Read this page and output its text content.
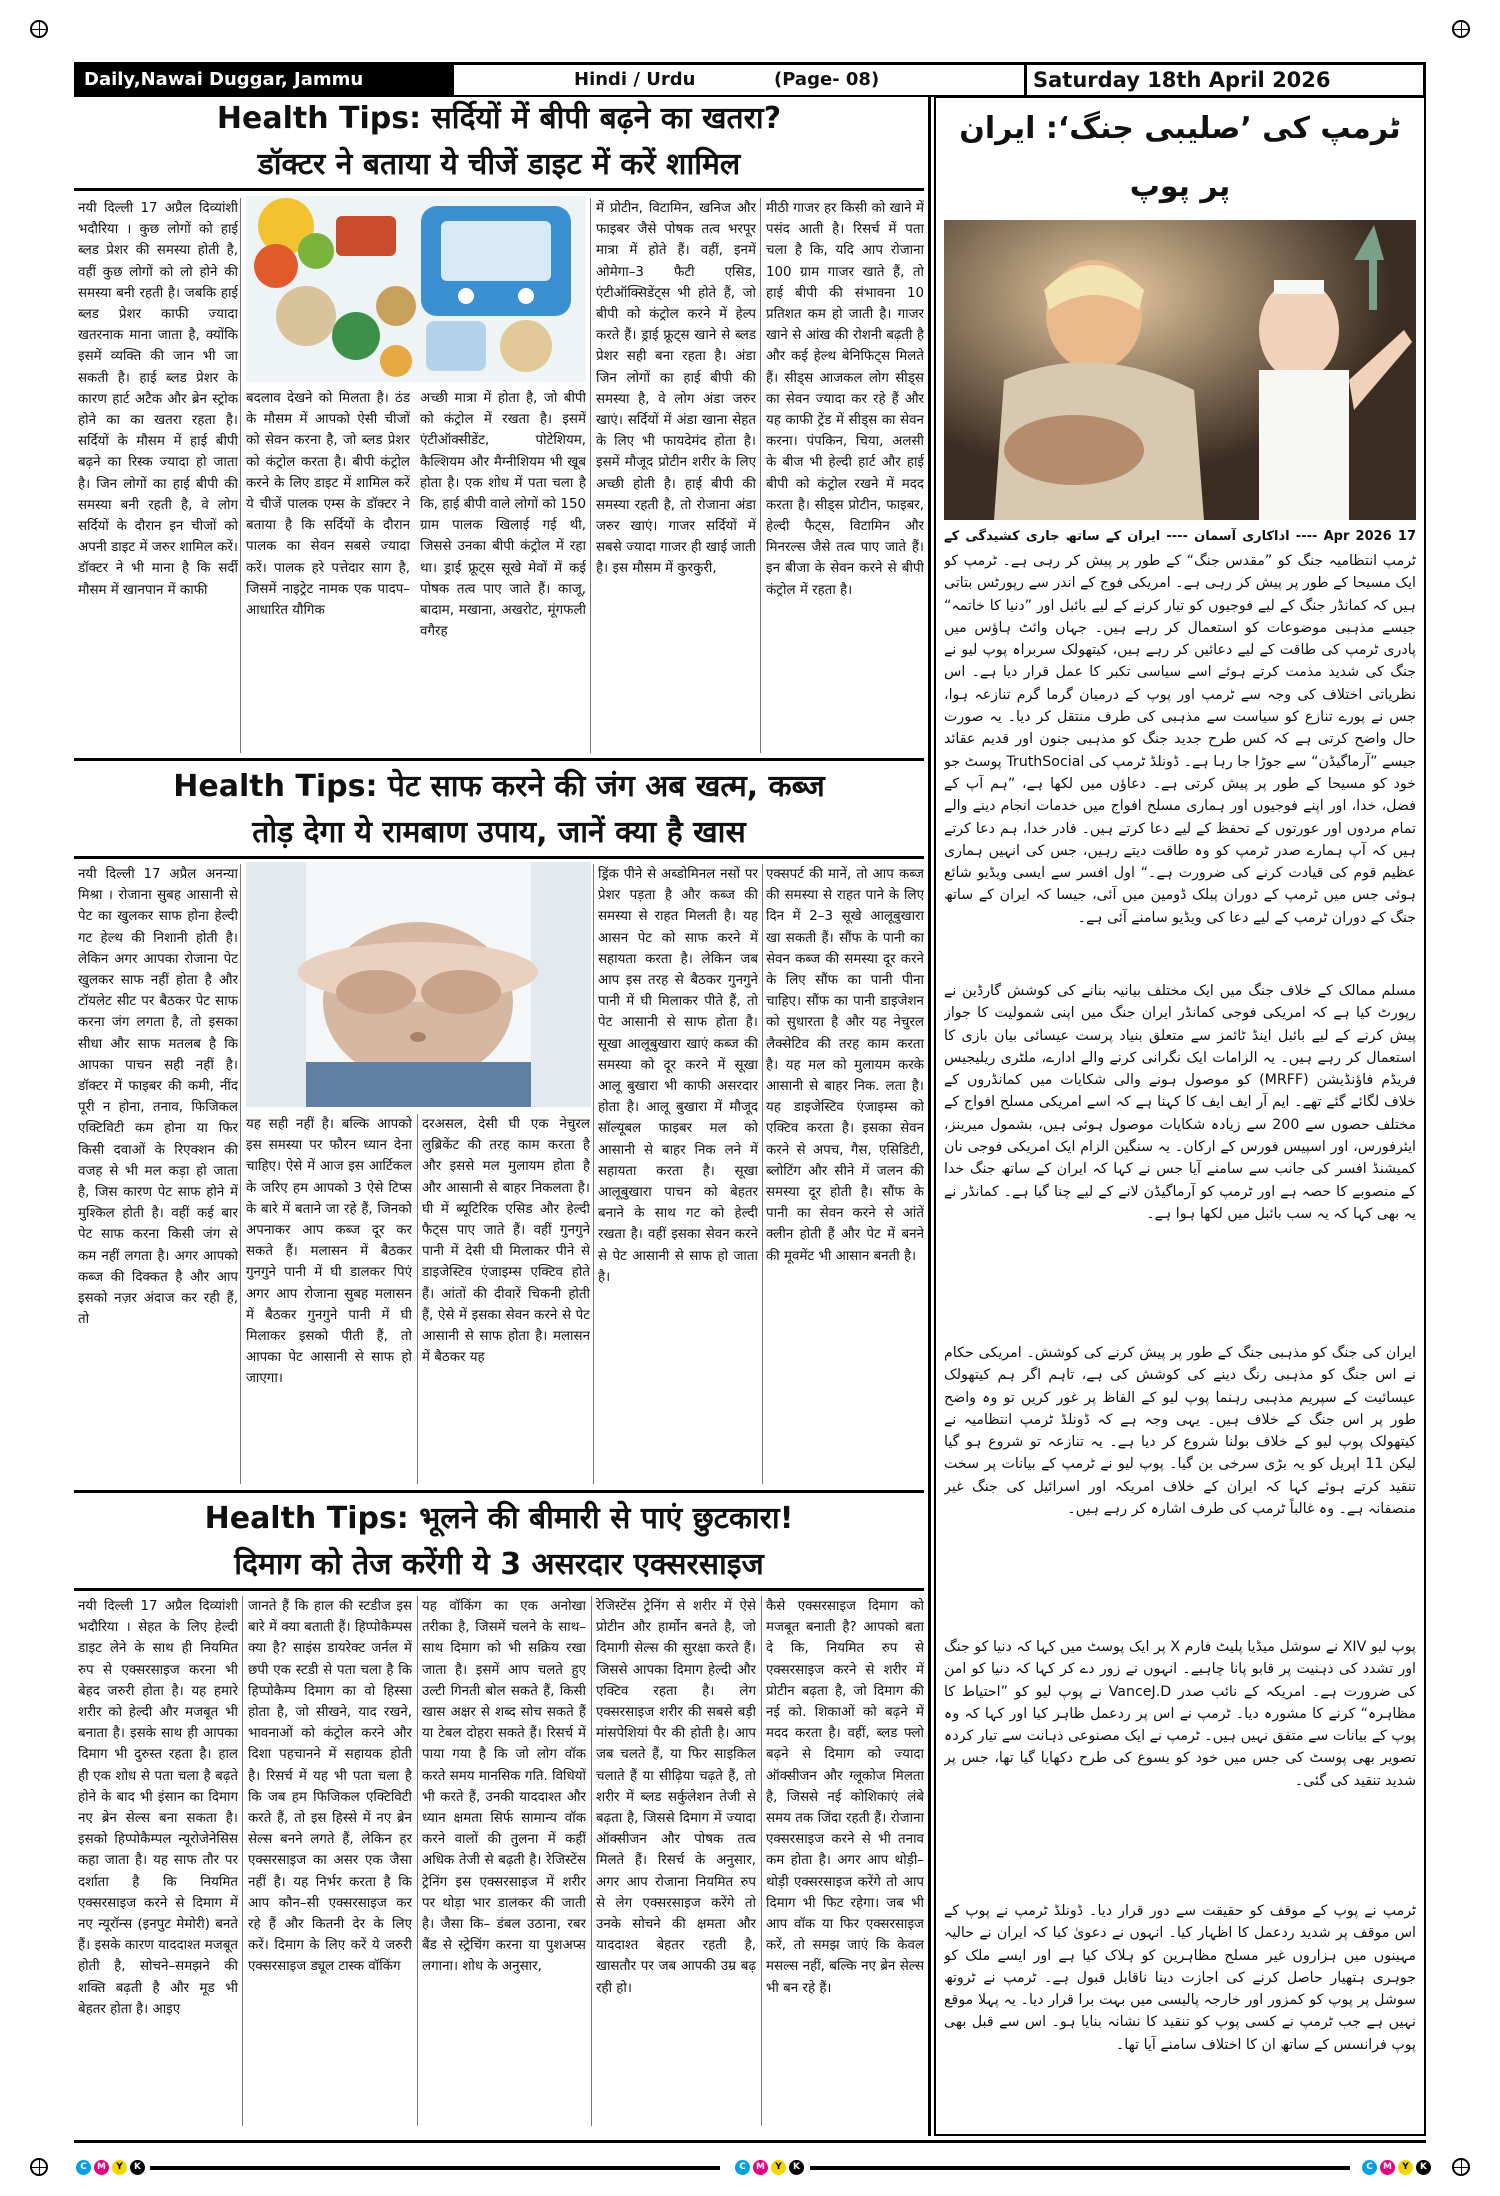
Daily,Nawai Duggar, Jammu	Hindi / Urdu	(Page- 08)	Saturday 18th April 2026
Health Tips: सर्दियों में बीपी बढ़ने का खतरा?
डॉक्टर ने बताया ये चीजें डाइट में करें शामिल
नयी दिल्ली 17 अप्रैल दिव्यांशी भदौरिया । कुछ लोगों को हाई ब्लड प्रेशर की समस्या होती है, वहीं कुछ लोगों को लो होने की समस्या बनी रहती है। जबकि हाई ब्लड प्रेशर काफी ज्यादा खतरनाक माना जाता है, क्योंकि इसमें व्यक्ति की जान भी जा सकती है। हाई ब्लड प्रेशर के कारण हार्ट अटैक और ब्रेन स्ट्रोक होने का का खतरा रहता है। सर्दियों के मौसम में हाई बीपी बढ़ने का रिस्क ज्यादा हो जाता है। जिन लोगों का हाई बीपी की समस्या बनी रहती है, वे लोग सर्दियों के दौरान इन चीजों को अपनी डाइट में जरुर शामिल करें। डॉक्टर ने भी माना है कि सर्दी मौसम में खानपान में काफी
बदलाव देखने को मिलता है। ठंड के मौसम में आपको ऐसी चीजों को सेवन करना है, जो ब्लड प्रेशर को कंट्रोल करता है। बीपी कंट्रोल करने के लिए डाइट में शामिल करें ये चीजें पालक एम्स के डॉक्टर ने बताया है कि सर्दियों के दौरान पालक का सेवन सबसे ज्यादा करें। पालक हरे पत्तेदार साग है, जिसमें नाइट्रेट नामक एक पादप–आधारित यौगिक
अच्छी मात्रा में होता है, जो बीपी को कंट्रोल में रखता है। इसमें एंटीऑक्सीडेंट, पोटेशियम, कैल्शियम और मैग्नीशियम भी खूब होता है। एक शोध में पता चला है कि, हाई बीपी वाले लोगों को 150 ग्राम पालक खिलाई गई थी, जिससे उनका बीपी कंट्रोल में रहा था। ड्राई फ्रूट्स सूखे मेवों में कई पोषक तत्व पाए जाते हैं। काजू, बादाम, मखाना, अखरोट, मूंगफली वगैरह
में प्रोटीन, विटामिन, खनिज और फाइबर जैसे पोषक तत्व भरपूर मात्रा में होते हैं। वहीं, इनमें ओमेगा–3 फैटी एसिड, एंटीऑक्सिडेंट्स भी होते हैं, जो बीपी को कंट्रोल करने में हेल्प करते हैं। ड्राई फ्रूट्स खाने से ब्लड प्रेशर सही बना रहता है। अंडा जिन लोगों का हाई बीपी की समस्या है, वे लोग अंडा जरुर खाएं। सर्दियों में अंडा खाना सेहत के लिए भी फायदेमंद होता है। इसमें मौजूद प्रोटीन शरीर के लिए अच्छी होती है। हाई बीपी की समस्या रहती है, तो रोजाना अंडा जरुर खाएं। गाजर सर्दियों में सबसे ज्यादा गाजर ही खाई जाती है। इस मौसम में कुरकुरी,
मीठी गाजर हर किसी को खाने में पसंद आती है। रिसर्च में पता चला है कि, यदि आप रोजाना 100 ग्राम गाजर खाते हैं, तो हाई बीपी की संभावना 10 प्रतिशत कम हो जाती है। गाजर खाने से आंख की रोशनी बढ़ती है और कई हेल्थ बेनिफिट्स मिलते हैं। सीड्स आजकल लोग सीड्स का सेवन ज्यादा कर रहे हैं और यह काफी ट्रेंड में सीड्स का सेवन करना। पंपकिन, चिया, अलसी के बीज भी हेल्दी हार्ट और हाई बीपी को कंट्रोल रखने में मदद करता है। सीड्स प्रोटीन, फाइबर, हेल्दी फैट्स, विटामिन और मिनरल्स जैसे तत्व पाए जाते हैं। इन बीजा के सेवन करने से बीपी कंट्रोल में रहता है।
Health Tips: पेट साफ करने की जंग अब खत्म, कब्ज
तोड़ देगा ये रामबाण उपाय, जानें क्या है खास
नयी दिल्ली 17 अप्रैल अनन्या मिश्रा । रोजाना सुबह आसानी से पेट का खुलकर साफ होना हेल्दी गट हेल्थ की निशानी होती है। लेकिन अगर आपका रोजाना पेट खुलकर साफ नहीं होता है और टॉयलेट सीट पर बैठकर पेट साफ करना जंग लगता है, तो इसका सीधा और साफ मतलब है कि आपका पाचन सही नहीं है। डॉक्टर में फाइबर की कमी, नींद पूरी न होना, तनाव, फिजिकल एक्टिविटी कम होना या फिर किसी दवाओं के रिएक्शन की वजह से भी मल कड़ा हो जाता है, जिस कारण पेट साफ होने में मुश्किल होती है। वहीं कई बार पेट साफ करना किसी जंग से कम नहीं लगता है। अगर आपको कब्ज की दिक्कत है और आप इसको नज़र अंदाज कर रही हैं, तो
यह सही नहीं है। बल्कि आपको इस समस्या पर फौरन ध्यान देना चाहिए। ऐसे में आज इस आर्टिकल के जरिए हम आपको 3 ऐसे टिप्स के बारे में बताने जा रहे हैं, जिनको अपनाकर आप कब्ज दूर कर सकते हैं। मलासन में बैठकर गुनगुने पानी में घी डालकर पिएं अगर आप रोजाना सुबह मलासन में बैठकर गुनगुने पानी में घी मिलाकर इसको पीती हैं, तो आपका पेट आसानी से साफ हो जाएगा।
दरअसल, देसी घी एक नेचुरल लुब्रिकेंट की तरह काम करता है और इससे मल मुलायम होता है और आसानी से बाहर निकलता है। घी में ब्यूटिरिक एसिड और हेल्दी फैट्स पाए जाते हैं। वहीं गुनगुने पानी में देसी घी मिलाकर पीने से डाइजेस्टिव एंजाइम्स एक्टिव होते हैं। आंतों की दीवारें चिकनी होती हैं, ऐसे में इसका सेवन करने से पेट आसानी से साफ होता है। मलासन में बैठकर यह
ड्रिंक पीने से अब्डोमिनल नसों पर प्रेशर पड़ता है और कब्ज की समस्या से राहत मिलती है। यह आसन पेट को साफ करने में सहायता करता है। लेकिन जब आप इस तरह से बैठकर गुनगुने पानी में घी मिलाकर पीते हैं, तो पेट आसानी से साफ होता है। सूखा आलूबुखारा खाएं कब्ज की समस्या को दूर करने में सूखा आलू बुखारा भी काफी असरदार होता है। आलू बुखारा में मौजूद सॉल्यूबल फाइबर मल को आसानी से बाहर निक लने में सहायता करता है। सूखा आलूबुखारा पाचन को बेहतर बनाने के साथ गट को हेल्दी रखता है। वहीं इसका सेवन करने से पेट आसानी से साफ हो जाता है।
एक्सपर्ट की मानें, तो आप कब्ज की समस्या से राहत पाने के लिए दिन में 2–3 सूखे आलूबुखारा खा सकती हैं। सौंफ के पानी का सेवन कब्ज की समस्या दूर करने के लिए सौंफ का पानी पीना चाहिए। सौंफ का पानी डाइजेशन को सुधारता है और यह नेचुरल लैक्सेटिव की तरह काम करता है। यह मल को मुलायम करके आसानी से बाहर निक. लता है। यह डाइजेस्टिव एंजाइम्स को एक्टिव करता है। इसका सेवन करने से अपच, गैस, एसिडिटी, ब्लोटिंग और सीने में जलन की समस्या दूर होती है। सौंफ के पानी का सेवन करने से आंतें क्लीन होती हैं और पेट में बनने की मूवमेंट भी आसान बनती है।
Health Tips: भूलने की बीमारी से पाएं छुटकारा!
दिमाग को तेज करेंगी ये 3 असरदार एक्सरसाइज
नयी दिल्ली 17 अप्रैल दिव्यांशी भदौरिया । सेहत के लिए हेल्दी डाइट लेने के साथ ही नियमित रुप से एक्सरसाइज करना भी बेहद जरुरी होता है। यह हमारे शरीर को हेल्दी और मजबूत भी बनाता है। इसके साथ ही आपका दिमाग भी दुरुस्त रहता है। हाल ही एक शोध से पता चला है बढ़ते होने के बाद भी इंसान का दिमाग नए ब्रेन सेल्स बना सकता है। इसको हिप्पोकैम्पल न्यूरोजेनेसिस कहा जाता है। यह साफ तौर पर दर्शाता है कि नियमित एक्सरसाइज करने से दिमाग में नए न्यूरॉन्स (इनपुट मेमोरी) बनते हैं। इसके कारण याददाश्त मजबूत होती है, सोचने–समझने की शक्ति बढ़ती है और मूड भी बेहतर होता है। आइए
जानते हैं कि हाल की स्टडीज इस बारे में क्या बताती हैं। हिप्पोकैम्पस क्या है? साइंस डायरेक्ट जर्नल में छपी एक स्टडी से पता चला है कि हिप्पोकैम्प दिमाग का वो हिस्सा होता है, जो सीखने, याद रखने, भावनाओं को कंट्रोल करने और दिशा पहचानने में सहायक होती है। रिसर्च में यह भी पता चला है कि जब हम फिजिकल एक्टिविटी करते हैं, तो इस हिस्से में नए ब्रेन सेल्स बनने लगते हैं, लेकिन हर एक्सरसाइज का असर एक जैसा नहीं है। यह निर्भर करता है कि आप कौन–सी एक्सरसाइज कर रहे हैं और कितनी देर के लिए करें। दिमाग के लिए करें ये जरुरी एक्सरसाइज ड्यूल टास्क वॉकिंग
यह वॉकिंग का एक अनोखा तरीका है, जिसमें चलने के साथ–साथ दिमाग को भी सक्रिय रखा जाता है। इसमें आप चलते हुए उल्टी गिनती बोल सकते हैं, किसी खास अक्षर से शब्द सोच सकते हैं या टेबल दोहरा सकते हैं। रिसर्च में पाया गया है कि जो लोग वॉक करते समय मानसिक गति. विधियों भी करते हैं, उनकी याददाश्त और ध्यान क्षमता सिर्फ सामान्य वॉक करने वालों की तुलना में कहीं अधिक तेजी से बढ़ती है। रेजिस्टेंस ट्रेनिंग इस एक्सरसाइज में शरीर पर थोड़ा भार डालकर की जाती है। जैसा कि– डंबल उठाना, रबर बैंड से स्ट्रेचिंग करना या पुशअप्स लगाना। शोध के अनुसार,
रेजिस्टेंस ट्रेनिंग से शरीर में ऐसे प्रोटीन और हार्मोन बनते है, जो दिमागी सेल्स की सुरक्षा करते हैं। जिससे आपका दिमाग हेल्दी और एक्टिव रहता है। लेग एक्सरसाइज शरीर की सबसे बड़ी मांसपेशियां पैर की होती है। आप जब चलते हैं, या फिर साइकिल चलाते हैं या सीढ़िया चढ़ते हैं, तो शरीर में ब्लड सर्कुलेशन तेजी से बढ़ता है, जिससे दिमाग में ज्यादा ऑक्सीजन और पोषक तत्व मिलते हैं। रिसर्च के अनुसार, अगर आप रोजाना नियमित रुप से लेग एक्सरसाइज करेंगे तो उनके सोचने की क्षमता और याददाश्त बेहतर रहती है, खासतौर पर जब आपकी उम्र बढ़ रही हो।
कैसे एक्सरसाइज दिमाग को मजबूत बनाती है? आपको बता दे कि, नियमित रुप से एक्सरसाइज करने से शरीर में प्रोटीन बढ़ता है, जो दिमाग की नई को. शिकाओं को बढ़ने में मदद करता है। वहीं, ब्लड फ्लो बढ़ने से दिमाग को ज्यादा ऑक्सीजन और ग्लूकोज मिलता है, जिससे नई कोशिकाएं लंबे समय तक जिंदा रहती हैं। रोजाना एक्सरसाइज करने से भी तनाव कम होता है। अगर आप थोड़ी–थोड़ी एक्सरसाइज करेंगे तो आप दिमाग भी फिट रहेगा। जब भी आप वॉक या फिर एक्सरसाइज करें, तो समझ जाएं कि केवल मसल्स नहीं, बल्कि नए ब्रेन सेल्स भी बन रहे हैं।
ٹرمپ کی ’صلیبی جنگ‘: ایران پر پوپ
17 Apr 2026 ---- اداکاری آسمان ---- ایران کے ساتھ جاری کشیدگی کے
ٹرمپ انتظامیہ جنگ کو ”مقدس جنگ“ کے طور پر پیش کر رہی ہے۔ ٹرمپ کو ایک مسیحا کے طور پر پیش کر رہی ہے۔ امریکی فوج کے اندر سے رپورٹس بتاتی ہیں کہ کمانڈر جنگ کے لیے فوجیوں کو تیار کرنے کے لیے بائبل اور ”دنیا کا خاتمہ“ جیسے مذہبی موضوعات کو استعمال کر رہے ہیں۔ جہاں وائٹ ہاؤس میں پادری ٹرمپ کی طاقت کے لیے دعائیں کر رہے ہیں، کیتھولک سربراہ پوپ لیو نے جنگ کی شدید مذمت کرتے ہوئے اسے سیاسی تکبر کا عمل قرار دیا ہے۔ اس نظریاتی اختلاف کی وجہ سے ٹرمپ اور پوپ کے درمیان گرما گرم تنازعہ ہوا، جس نے پورے تنازع کو سیاست سے مذہبی کی طرف منتقل کر دیا۔ یہ صورت حال واضح کرتی ہے کہ کس طرح جدید جنگ کو مذہبی جنون اور قدیم عقائد جیسے ”آرماگیڈن“ سے جوڑا جا رہا ہے۔ ڈونلڈ ٹرمپ کی TruthSocial پوسٹ جو خود کو مسیحا کے طور پر پیش کرتی ہے۔ دعاؤں میں لکھا ہے، ”ہم آپ کے فضل، خدا، اور اپنے فوجیوں اور ہماری مسلح افواج میں خدمات انجام دینے والے تمام مردوں اور عورتوں کے تحفظ کے لیے دعا کرتے ہیں۔ فادر خدا، ہم دعا کرتے ہیں کہ آپ ہمارے صدر ٹرمپ کو وہ طاقت دیتے رہیں، جس کی انہیں ہماری عظیم قوم کی قیادت کرنے کی ضرورت ہے۔“ اول افسر سے ایسی ویڈیو شائع ہوئی جس میں ٹرمپ کے دوران پبلک ڈومین میں آئی، جیسا کہ ایران کے ساتھ جنگ کے دوران ٹرمپ کے لیے دعا کی ویڈیو سامنے آئی ہے۔
مسلم ممالک کے خلاف جنگ میں ایک مختلف بیانیہ بنانے کی کوشش گارڈین نے رپورٹ کیا ہے کہ امریکی فوجی کمانڈر ایران جنگ میں اپنی شمولیت کا جواز پیش کرنے کے لیے بائبل اینڈ ٹائمز سے متعلق بنیاد پرست عیسائی بیان بازی کا استعمال کر رہے ہیں۔ یہ الزامات ایک نگرانی کرنے والے ادارے، ملٹری ریلیجیس فریڈم فاؤنڈیشن (MRFF) کو موصول ہونے والی شکایات میں کمانڈروں کے خلاف لگائے گئے تھے۔ ایم آر ایف ایف کا کہنا ہے کہ اسے امریکی مسلح افواج کے مختلف حصوں سے 200 سے زیادہ شکایات موصول ہوئی ہیں، بشمول میرینز، ایئرفورس، اور اسپیس فورس کے ارکان۔ یہ سنگین الزام ایک امریکی فوجی نان کمیشنڈ افسر کی جانب سے سامنے آیا جس نے کہا کہ ایران کے ساتھ جنگ خدا کے منصوبے کا حصہ ہے اور ٹرمپ کو آرماگیڈن لانے کے لیے چنا گیا ہے۔ کمانڈر نے یہ بھی کہا کہ یہ سب بائبل میں لکھا ہوا ہے۔
ایران کی جنگ کو مذہبی جنگ کے طور پر پیش کرنے کی کوشش۔ امریکی حکام نے اس جنگ کو مذہبی رنگ دینے کی کوشش کی ہے، تاہم اگر ہم کیتھولک عیسائیت کے سپریم مذہبی رہنما پوپ لیو کے الفاظ پر غور کریں تو وہ واضح طور پر اس جنگ کے خلاف ہیں۔ یہی وجہ ہے کہ ڈونلڈ ٹرمپ انتظامیہ نے کیتھولک پوپ لیو کے خلاف بولنا شروع کر دیا ہے۔ یہ تنازعہ تو شروع ہو گیا لیکن 11 اپریل کو یہ بڑی سرخی بن گیا۔ پوپ لیو نے ٹرمپ کے بیانات پر سخت تنقید کرتے ہوئے کہا کہ ایران کے خلاف امریکہ اور اسرائیل کی جنگ غیر منصفانہ ہے۔ وہ غالباً ٹرمپ کی طرف اشارہ کر رہے ہیں۔
پوپ لیو XIV نے سوشل میڈیا پلیٹ فارم X پر ایک پوسٹ میں کہا کہ دنیا کو جنگ اور تشدد کی ذہنیت پر قابو پانا چاہیے۔ انہوں نے زور دے کر کہا کہ دنیا کو امن کی ضرورت ہے۔ امریکہ کے نائب صدر VanceJ.D نے پوپ لیو کو ”احتیاط کا مظاہرہ“ کرنے کا مشورہ دیا۔ ٹرمپ نے اس پر ردعمل ظاہر کیا اور کہا کہ وہ پوپ کے بیانات سے متفق نہیں ہیں۔ ٹرمپ نے ایک مصنوعی ذہانت سے تیار کردہ تصویر بھی پوسٹ کی جس میں خود کو یسوع کی طرح دکھایا گیا تھا، جس پر شدید تنقید کی گئی۔
ٹرمپ نے پوپ کے موقف کو حقیقت سے دور قرار دیا۔ ڈونلڈ ٹرمپ نے پوپ کے اس موقف پر شدید ردعمل کا اظہار کیا۔ انہوں نے دعویٰ کیا کہ ایران نے حالیہ مہینوں میں ہزاروں غیر مسلح مظاہرین کو ہلاک کیا ہے اور ایسے ملک کو جوہری ہتھیار حاصل کرنے کی اجازت دینا ناقابل قبول ہے۔ ٹرمپ نے ٹروتھ سوشل پر پوپ کو کمزور اور خارجہ پالیسی میں بہت برا قرار دیا۔ یہ پہلا موقع نہیں ہے جب ٹرمپ نے کسی پوپ کو تنقید کا نشانہ بنایا ہو۔ اس سے قبل بھی پوپ فرانسس کے ساتھ ان کا اختلاف سامنے آیا تھا۔
C	M	Y	K	C	M	Y	K	C	M	Y	K
